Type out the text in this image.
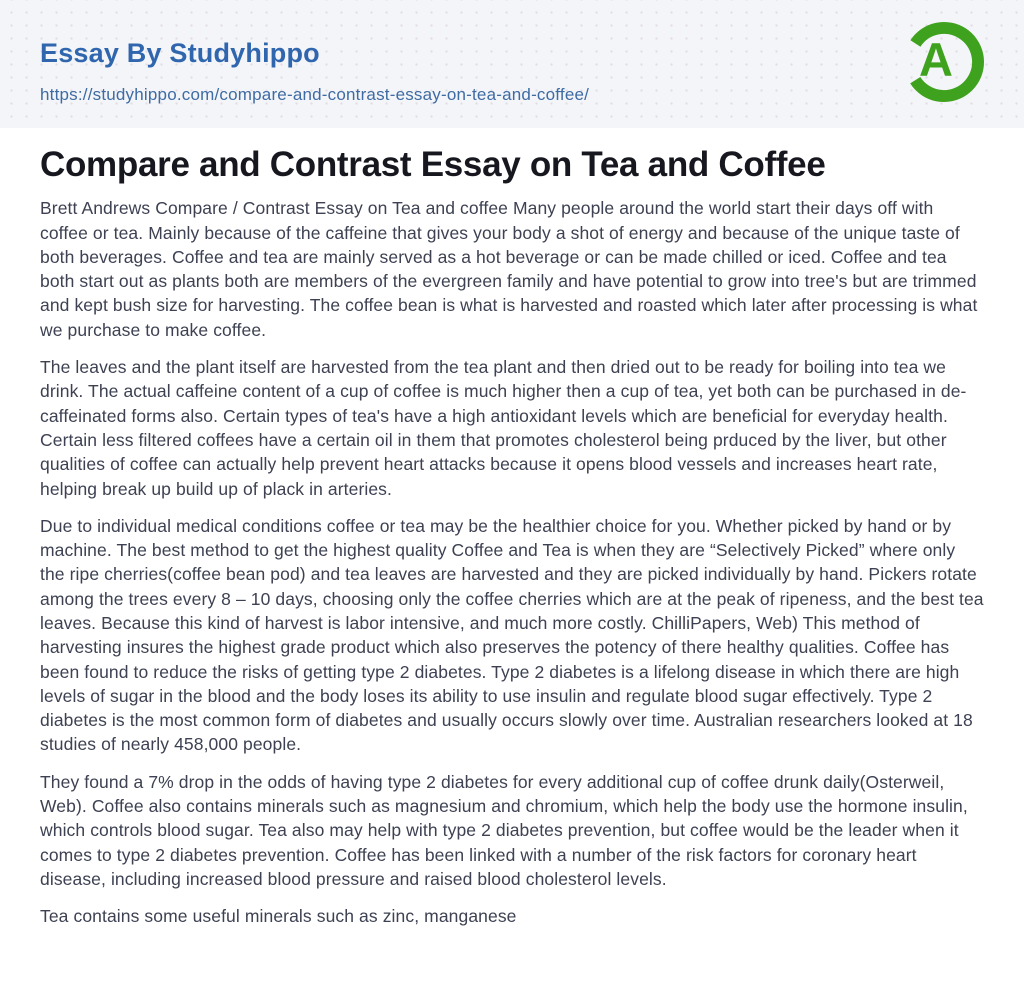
Essay By Studyhippo
https://studyhippo.com/compare-and-contrast-essay-on-tea-and-coffee/
A
Compare and Contrast Essay on Tea and Coffee

Brett Andrews Compare / Contrast Essay on Tea and coffee Many people around the world start their days off with coffee or tea. Mainly because of the caffeine that gives your body a shot of energy and because of the unique taste of both beverages. Coffee and tea are mainly served as a hot beverage or can be made chilled or iced. Coffee and tea both start out as plants both are members of the evergreen family and have potential to grow into tree's but are trimmed and kept bush size for harvesting. The coffee bean is what is harvested and roasted which later after processing is what we purchase to make coffee.

The leaves and the plant itself are harvested from the tea plant and then dried out to be ready for boiling into tea we drink. The actual caffeine content of a cup of coffee is much higher then a cup of tea, yet both can be purchased in de-caffeinated forms also. Certain types of tea's have a high antioxidant levels which are beneficial for everyday health. Certain less filtered coffees have a certain oil in them that promotes cholesterol being prduced by the liver, but other qualities of coffee can actually help prevent heart attacks because it opens blood vessels and increases heart rate, helping break up build up of plack in arteries.

Due to individual medical conditions coffee or tea may be the healthier choice for you. Whether picked by hand or by machine. The best method to get the highest quality Coffee and Tea is when they are “Selectively Picked” where only the ripe cherries(coffee bean pod) and tea leaves are harvested and they are picked individually by hand. Pickers rotate among the trees every 8 – 10 days, choosing only the coffee cherries which are at the peak of ripeness, and the best tea leaves. Because this kind of harvest is labor intensive, and much more costly. ChilliPapers, Web) This method of harvesting insures the highest grade product which also preserves the potency of there healthy qualities. Coffee has been found to reduce the risks of getting type 2 diabetes. Type 2 diabetes is a lifelong disease in which there are high levels of sugar in the blood and the body loses its ability to use insulin and regulate blood sugar effectively. Type 2 diabetes is the most common form of diabetes and usually occurs slowly over time. Australian researchers looked at 18 studies of nearly 458,000 people.

They found a 7% drop in the odds of having type 2 diabetes for every additional cup of coffee drunk daily(Osterweil, Web). Coffee also contains minerals such as magnesium and chromium, which help the body use the hormone insulin, which controls blood sugar. Tea also may help with type 2 diabetes prevention, but coffee would be the leader when it comes to type 2 diabetes prevention. Coffee has been linked with a number of the risk factors for coronary heart disease, including increased blood pressure and raised blood cholesterol levels.

Tea contains some useful minerals such as zinc, manganese
